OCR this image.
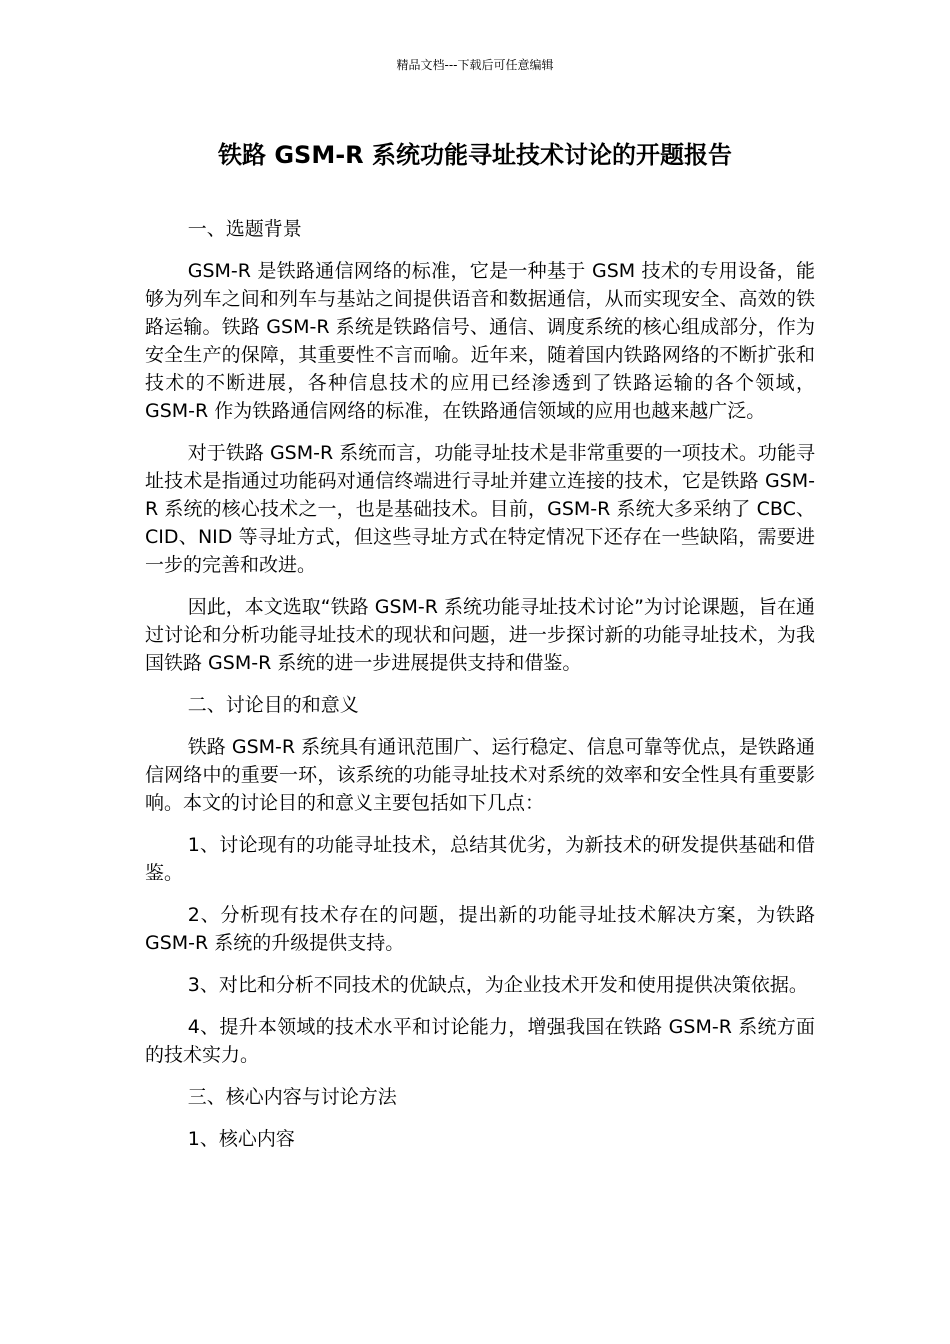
精品文档---下载后可任意编辑
铁路 GSM-R 系统功能寻址技术讨论的开题报告

一、选题背景

GSM-R 是铁路通信网络的标准，它是一种基于 GSM 技术的专用设备，能够为列车之间和列车与基站之间提供语音和数据通信，从而实现安全、高效的铁路运输。铁路 GSM-R 系统是铁路信号、通信、调度系统的核心组成部分，作为安全生产的保障，其重要性不言而喻。近年来，随着国内铁路网络的不断扩张和技术的不断进展，各种信息技术的应用已经渗透到了铁路运输的各个领域，GSM-R 作为铁路通信网络的标准，在铁路通信领域的应用也越来越广泛。

对于铁路 GSM-R 系统而言，功能寻址技术是非常重要的一项技术。功能寻址技术是指通过功能码对通信终端进行寻址并建立连接的技术，它是铁路 GSM-R 系统的核心技术之一，也是基础技术。目前，GSM-R 系统大多采纳了 CBC、CID、NID 等寻址方式，但这些寻址方式在特定情况下还存在一些缺陷，需要进一步的完善和改进。

因此，本文选取“铁路 GSM-R 系统功能寻址技术讨论”为讨论课题，旨在通过讨论和分析功能寻址技术的现状和问题，进一步探讨新的功能寻址技术，为我国铁路 GSM-R 系统的进一步进展提供支持和借鉴。

二、讨论目的和意义

铁路 GSM-R 系统具有通讯范围广、运行稳定、信息可靠等优点，是铁路通信网络中的重要一环，该系统的功能寻址技术对系统的效率和安全性具有重要影响。本文的讨论目的和意义主要包括如下几点：

1、讨论现有的功能寻址技术，总结其优劣，为新技术的研发提供基础和借鉴。

2、分析现有技术存在的问题，提出新的功能寻址技术解决方案，为铁路 GSM-R 系统的升级提供支持。

3、对比和分析不同技术的优缺点，为企业技术开发和使用提供决策依据。

4、提升本领域的技术水平和讨论能力，增强我国在铁路 GSM-R 系统方面的技术实力。

三、核心内容与讨论方法

1、核心内容
